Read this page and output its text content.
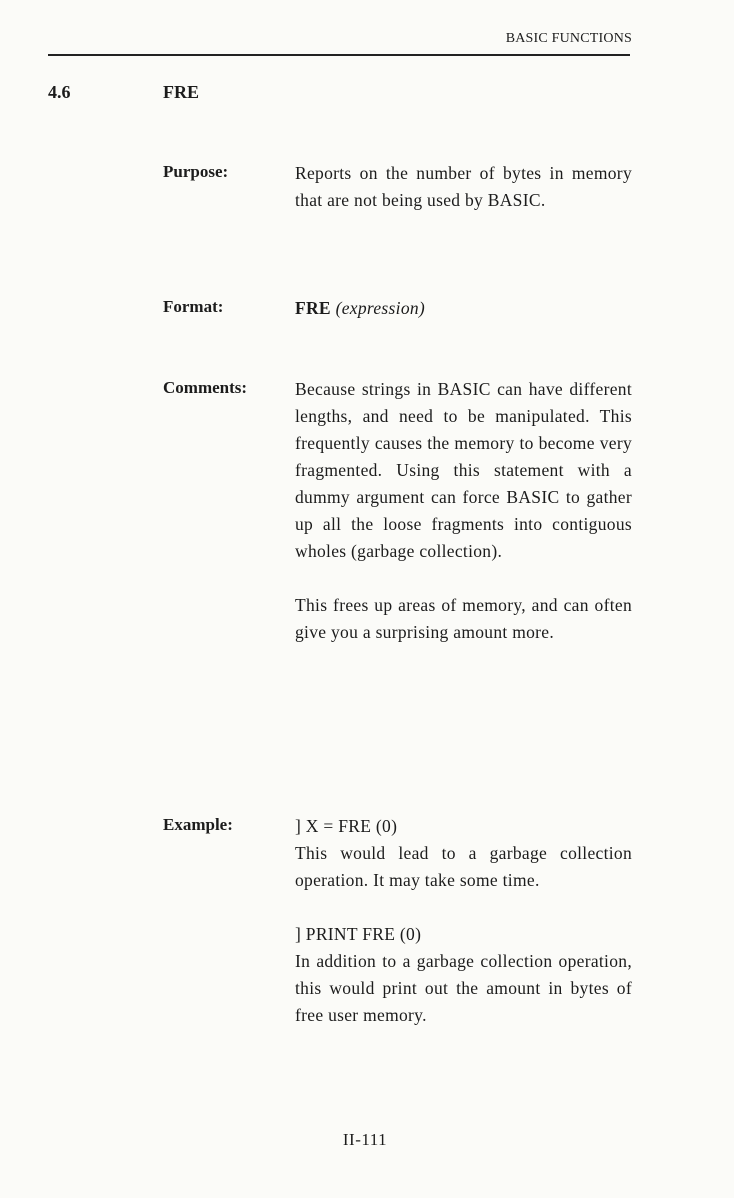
BASIC FUNCTIONS
4.6	FRE
Purpose:	Reports on the number of bytes in memory that are not being used by BASIC.

Format:	FRE (expression)
Comments:	Because strings in BASIC can have different lengths, and need to be manipulated. This frequently causes the memory to become very fragmented. Using this statement with a dummy argument can force BASIC to gather up all the loose fragments into contiguous wholes (garbage collection).

This frees up areas of memory, and can often give you a surprising amount more.

Example:	] X = FRE (0)
This would lead to a garbage collection operation. It may take some time.

] PRINT FRE (0)
In addition to a garbage collection operation, this would print out the amount in bytes of free user memory.

II-111
